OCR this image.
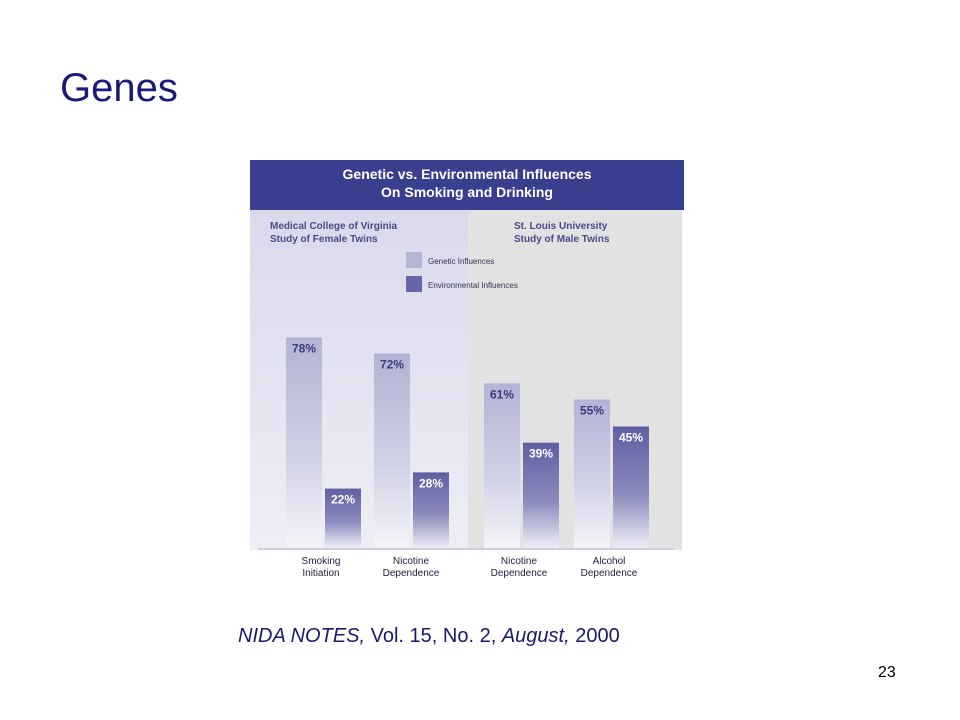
Genes
Genetic vs. Environmental Influences
On Smoking and Drinking
Medical College of Virginia
Study of Female Twins
St. Louis University
Study of Male Twins
Genetic Influences
Environmental Influences
78%
22%
Smoking
Initiation
72%
28%
Nicotine
Dependence
61%
39%
Nicotine
Dependence
55%
45%
Alcohol
Dependence
NIDA NOTES, Vol. 15, No. 2, August, 2000
23
